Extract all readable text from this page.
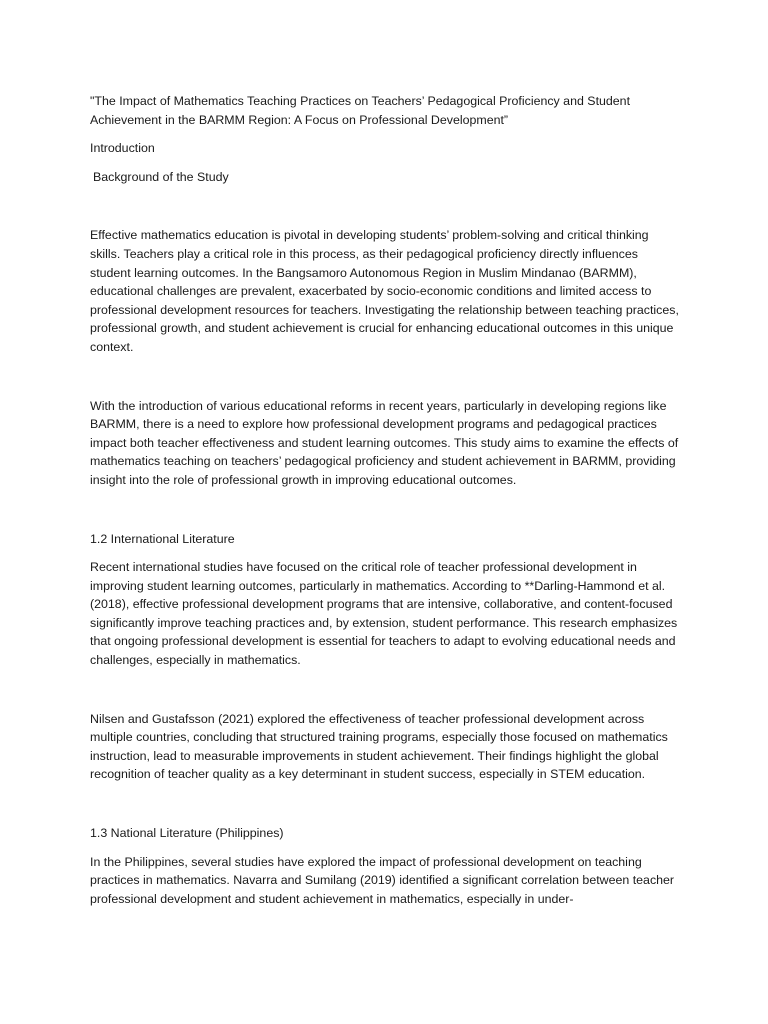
"The Impact of Mathematics Teaching Practices on Teachers’ Pedagogical Proficiency and Student Achievement in the BARMM Region: A Focus on Professional Development”

Introduction

Background of the Study

Effective mathematics education is pivotal in developing students’ problem-solving and critical thinking skills. Teachers play a critical role in this process, as their pedagogical proficiency directly influences student learning outcomes. In the Bangsamoro Autonomous Region in Muslim Mindanao (BARMM), educational challenges are prevalent, exacerbated by socio-economic conditions and limited access to professional development resources for teachers. Investigating the relationship between teaching practices, professional growth, and student achievement is crucial for enhancing educational outcomes in this unique context.

With the introduction of various educational reforms in recent years, particularly in developing regions like BARMM, there is a need to explore how professional development programs and pedagogical practices impact both teacher effectiveness and student learning outcomes. This study aims to examine the effects of mathematics teaching on teachers’ pedagogical proficiency and student achievement in BARMM, providing insight into the role of professional growth in improving educational outcomes.

1.2 International Literature

Recent international studies have focused on the critical role of teacher professional development in improving student learning outcomes, particularly in mathematics. According to **Darling-Hammond et al. (2018), effective professional development programs that are intensive, collaborative, and content-focused significantly improve teaching practices and, by extension, student performance. This research emphasizes that ongoing professional development is essential for teachers to adapt to evolving educational needs and challenges, especially in mathematics.

Nilsen and Gustafsson (2021) explored the effectiveness of teacher professional development across multiple countries, concluding that structured training programs, especially those focused on mathematics instruction, lead to measurable improvements in student achievement. Their findings highlight the global recognition of teacher quality as a key determinant in student success, especially in STEM education.

1.3 National Literature (Philippines)

In the Philippines, several studies have explored the impact of professional development on teaching practices in mathematics. Navarra and Sumilang (2019) identified a significant correlation between teacher professional development and student achievement in mathematics, especially in under-
